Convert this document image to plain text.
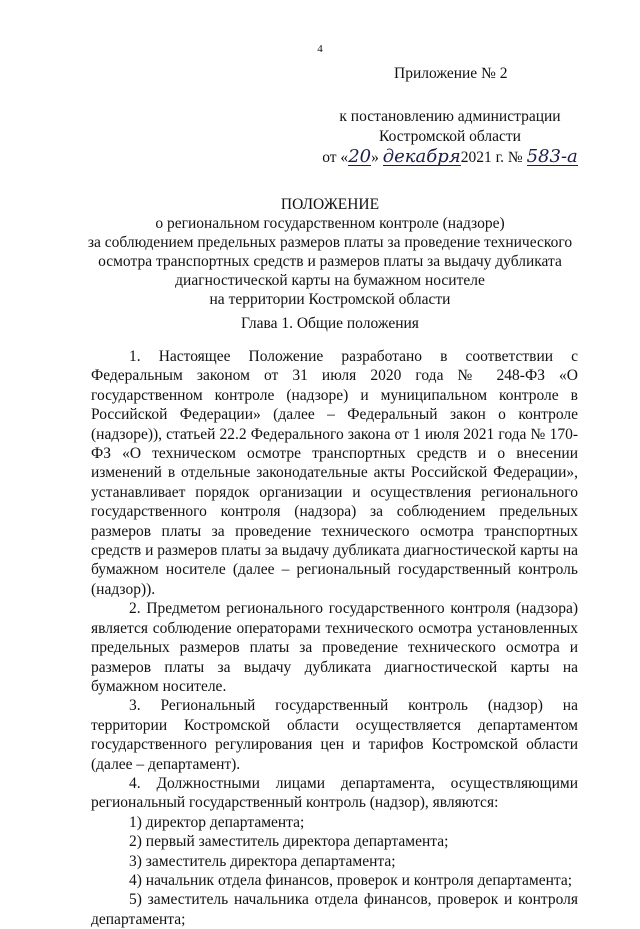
4
Приложение № 2
к постановлению администрации
Костромской области
от «20» декабря2021 г. № 583-а
ПОЛОЖЕНИЕ
о региональном государственном контроле (надзоре)
за соблюдением предельных размеров платы за проведение технического
осмотра транспортных средств и размеров платы за выдачу дубликата
диагностической карты на бумажном носителе
на территории Костромской области
Глава 1. Общие положения

1. Настоящее Положение разработано в соответствии с Федеральным законом от 31 июля 2020 года № 248-ФЗ «О государственном контроле (надзоре) и муниципальном контроле в Российской Федерации» (далее – Федеральный закон о контроле (надзоре)), статьей 22.2 Федерального закона от 1 июля 2021 года № 170-ФЗ «О техническом осмотре транспортных средств и о внесении изменений в отдельные законодательные акты Российской Федерации», устанавливает порядок организации и осуществления регионального государственного контроля (надзора) за соблюдением предельных размеров платы за проведение технического осмотра транспортных средств и размеров платы за выдачу дубликата диагностической карты на бумажном носителе (далее – региональный государственный контроль (надзор)).

2. Предметом регионального государственного контроля (надзора) является соблюдение операторами технического осмотра установленных предельных размеров платы за проведение технического осмотра и размеров платы за выдачу дубликата диагностической карты на бумажном носителе.

3. Региональный государственный контроль (надзор) на территории Костромской области осуществляется департаментом государственного регулирования цен и тарифов Костромской области (далее – департамент).

4. Должностными лицами департамента, осуществляющими региональный государственный контроль (надзор), являются:

1) директор департамента;

2) первый заместитель директора департамента;

3) заместитель директора департамента;

4) начальник отдела финансов, проверок и контроля департамента;

5) заместитель начальника отдела финансов, проверок и контроля департамента;
